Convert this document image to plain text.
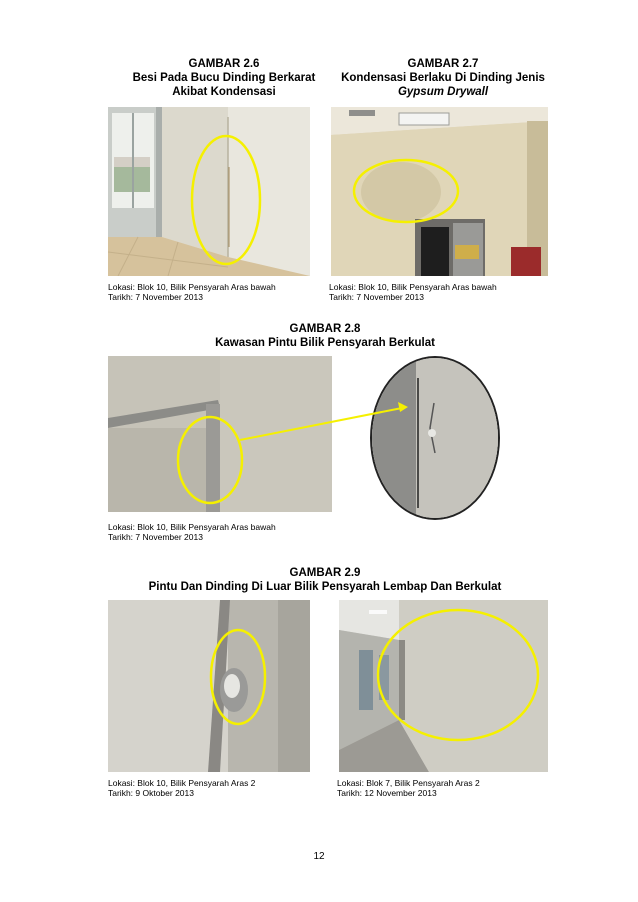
GAMBAR 2.6
Besi Pada Bucu Dinding Berkarat
Akibat Kondensasi
GAMBAR 2.7
Kondensasi Berlaku Di Dinding Jenis
Gypsum Drywall
Lokasi: Blok 10, Bilik Pensyarah Aras bawah
Tarikh: 7 November 2013
Lokasi: Blok 10, Bilik Pensyarah Aras bawah
Tarikh: 7 November 2013
GAMBAR 2.8
Kawasan Pintu Bilik Pensyarah Berkulat
Lokasi: Blok 10, Bilik Pensyarah Aras bawah
Tarikh: 7 November 2013
GAMBAR 2.9
Pintu Dan Dinding Di Luar Bilik Pensyarah Lembap Dan Berkulat
Lokasi: Blok 10, Bilik Pensyarah Aras 2
Tarikh: 9 Oktober 2013
Lokasi: Blok 7, Bilik Pensyarah Aras 2
Tarikh: 12 November 2013
12
